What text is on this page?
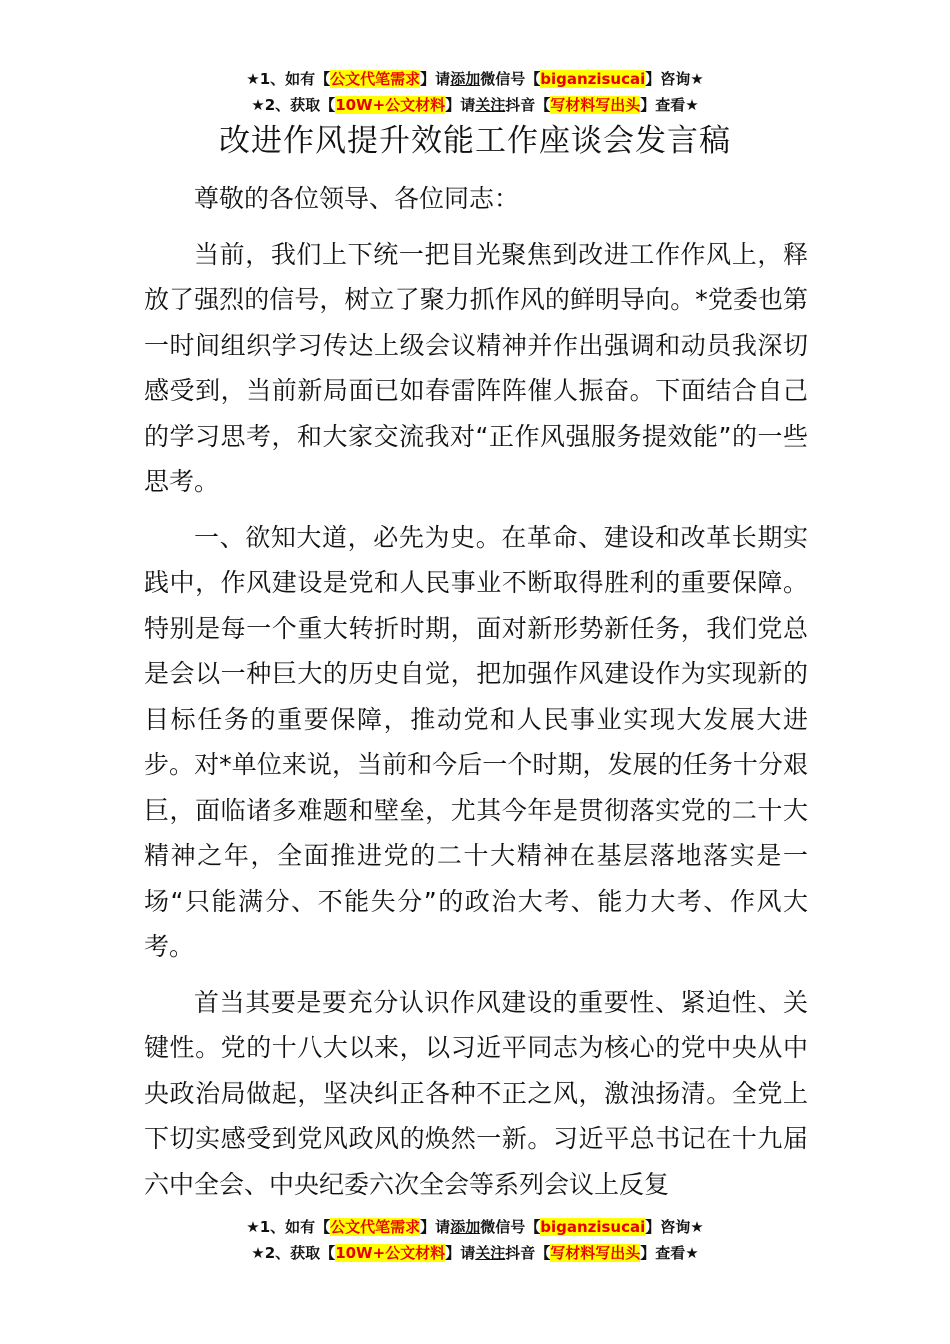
★1、如有【公文代笔需求】请添加微信号【biganzisucai】咨询★
★2、获取【10W+公文材料】请关注抖音【写材料写出头】查看★
改进作风提升效能工作座谈会发言稿

尊敬的各位领导、各位同志：

当前，我们上下统一把目光聚焦到改进工作作风上，释放了强烈的信号，树立了聚力抓作风的鲜明导向。*党委也第一时间组织学习传达上级会议精神并作出强调和动员我深切感受到，当前新局面已如春雷阵阵催人振奋。下面结合自己的学习思考，和大家交流我对“正作风强服务提效能”的一些思考。

一、欲知大道，必先为史。在革命、建设和改革长期实践中，作风建设是党和人民事业不断取得胜利的重要保障。特别是每一个重大转折时期，面对新形势新任务，我们党总是会以一种巨大的历史自觉，把加强作风建设作为实现新的目标任务的重要保障，推动党和人民事业实现大发展大进步。对*单位来说，当前和今后一个时期，发展的任务十分艰巨，面临诸多难题和壁垒，尤其今年是贯彻落实党的二十大精神之年，全面推进党的二十大精神在基层落地落实是一场“只能满分、不能失分”的政治大考、能力大考、作风大考。

首当其要是要充分认识作风建设的重要性、紧迫性、关键性。党的十八大以来，以习近平同志为核心的党中央从中央政治局做起，坚决纠正各种不正之风，激浊扬清。全党上下切实感受到党风政风的焕然一新。习近平总书记在十九届六中全会、中央纪委六次全会等系列会议上反复

★1、如有【公文代笔需求】请添加微信号【biganzisucai】咨询★
★2、获取【10W+公文材料】请关注抖音【写材料写出头】查看★
